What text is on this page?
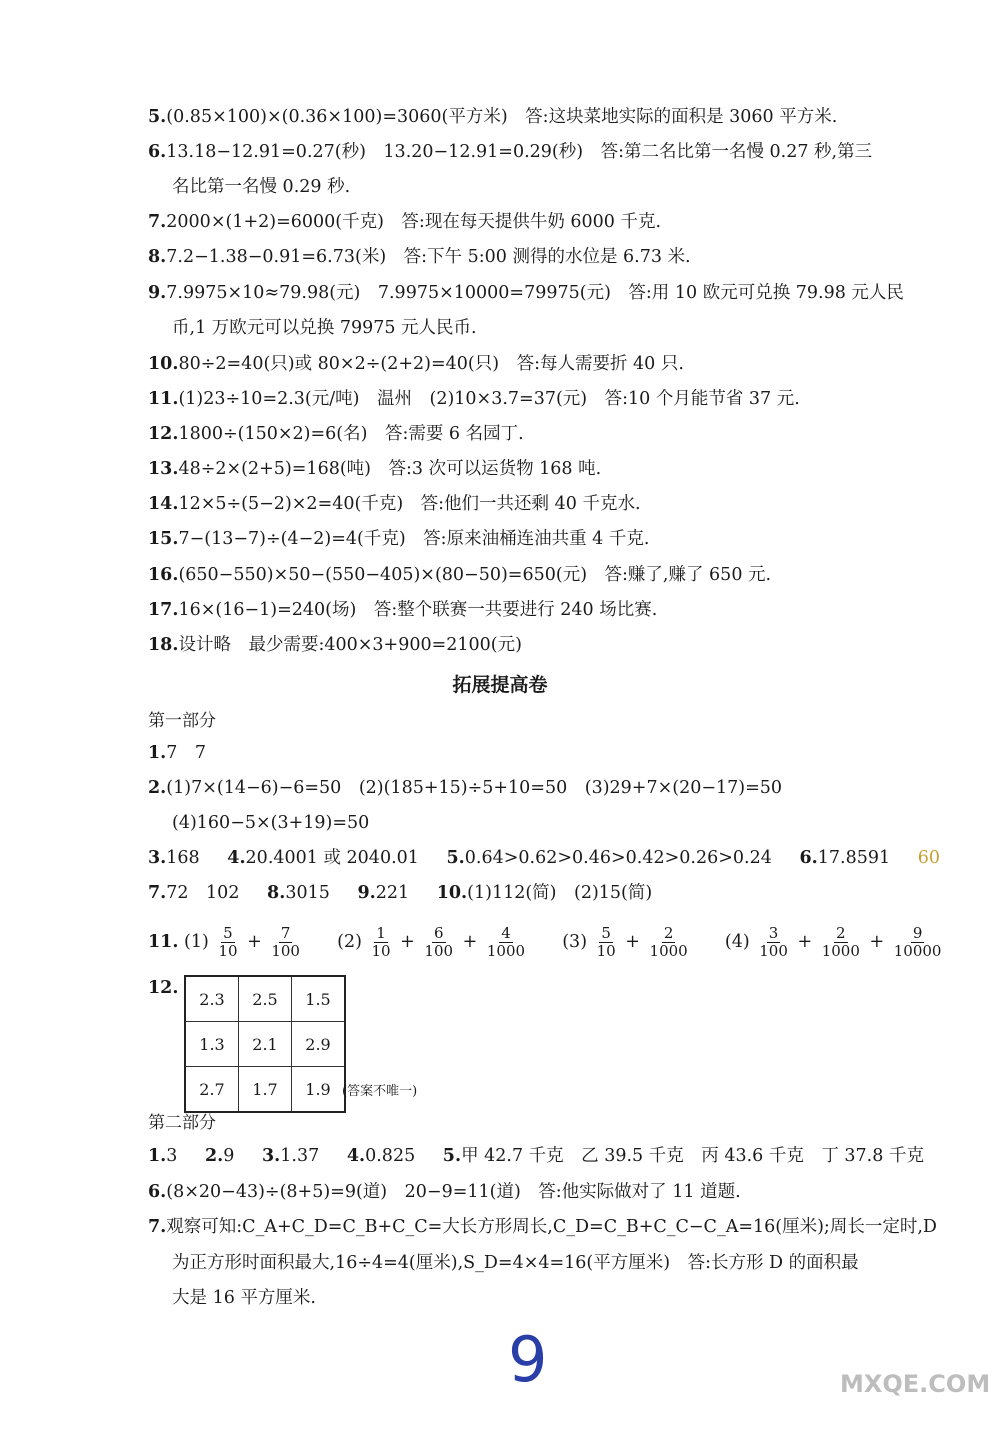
5.(0.85×100)×(0.36×100)=3060(平方米)　答:这块菜地实际的面积是 3060 平方米.
6.13.18−12.91=0.27(秒)　13.20−12.91=0.29(秒)　答:第二名比第一名慢 0.27 秒,第三
名比第一名慢 0.29 秒.
7.2000×(1+2)=6000(千克)　答:现在每天提供牛奶 6000 千克.
8.7.2−1.38−0.91=6.73(米)　答:下午 5:00 测得的水位是 6.73 米.
9.7.9975×10≈79.98(元)　7.9975×10000=79975(元)　答:用 10 欧元可兑换 79.98 元人民
币,1 万欧元可以兑换 79975 元人民币.
10.80÷2=40(只)或 80×2÷(2+2)=40(只)　答:每人需要折 40 只.
11.(1)23÷10=2.3(元/吨)　温州　(2)10×3.7=37(元)　答:10 个月能节省 37 元.
12.1800÷(150×2)=6(名)　答:需要 6 名园丁.
13.48÷2×(2+5)=168(吨)　答:3 次可以运货物 168 吨.
14.12×5÷(5−2)×2=40(千克)　答:他们一共还剩 40 千克水.
15.7−(13−7)÷(4−2)=4(千克)　答:原来油桶连油共重 4 千克.
16.(650−550)×50−(550−405)×(80−50)=650(元)　答:赚了,赚了 650 元.
17.16×(16−1)=240(场)　答:整个联赛一共要进行 240 场比赛.
18.设计略　最少需要:400×3+900=2100(元)
拓展提高卷
第一部分
1.7　7
2.(1)7×(14−6)−6=50　(2)(185+15)÷5+10=50　(3)29+7×(20−17)=50
(4)160−5×(3+19)=50
3.168 4.20.4001 或 2040.01 5.0.64>0.62>0.46>0.42>0.26>0.24 6.17.8591 60
7.72　102 8.3015 9.221 10.(1)112(简)　(2)15(简)
11. $(1) \frac{5}{10} + \frac{7}{100} (2) \frac{1}{10} + \frac{6}{100} + \frac{4}{1000} (3) \frac{5}{10} + \frac{2}{1000} (4) \frac{3}{100} + \frac{2}{1000} + \frac{9}{10000}$
12.
2.3	2.5	1.5
1.3	2.1	2.9
2.7	1.7	1.9 (答案不唯一)
第二部分
1.3 2.9 3.1.37 4.0.825 5.甲 42.7 千克　乙 39.5 千克　丙 43.6 千克　丁 37.8 千克
6.(8×20−43)÷(8+5)=9(道)　20−9=11(道)　答:他实际做对了 11 道题.
7.观察可知:C_A+C_D=C_B+C_C=大长方形周长,C_D=C_B+C_C−C_A=16(厘米);周长一定时,D
为正方形时面积最大,16÷4=4(厘米),S_D=4×4=16(平方厘米)　答:长方形 D 的面积最
大是 16 平方厘米.
9	MXQE.COM
